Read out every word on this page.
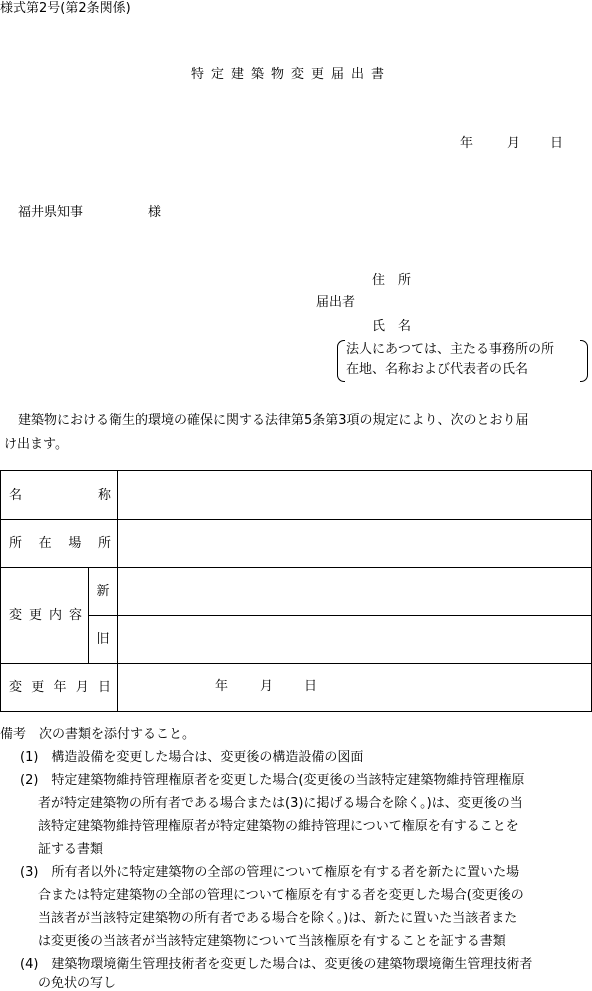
様式第2号(第2条関係)
特定建築物変更届出書
年	月 日
福井県知事	様
住　所
届出者
氏　名
法人にあつては、主たる事務所の所
在地、名称および代表者の氏名
建築物における衛生的環境の確保に関する法律第5条第3項の規定により、次のとおり届
け出ます。
名 称		

所 在 場 所		

変 更 内 容	新	
	旧	

変 更 年 月 日		年 月 日
備考　次の書類を添付すること。
(1)　構造設備を変更した場合は、変更後の構造設備の図面
(2)　特定建築物維持管理権原者を変更した場合(変更後の当該特定建築物維持管理権原
者が特定建築物の所有者である場合または(3)に掲げる場合を除く。)は、変更後の当
該特定建築物維持管理権原者が特定建築物の維持管理について権原を有することを
証する書類
(3)　所有者以外に特定建築物の全部の管理について権原を有する者を新たに置いた場
合または特定建築物の全部の管理について権原を有する者を変更した場合(変更後の
当該者が当該特定建築物の所有者である場合を除く。)は、新たに置いた当該者また
は変更後の当該者が当該特定建築物について当該権原を有することを証する書類
(4)　建築物環境衛生管理技術者を変更した場合は、変更後の建築物環境衛生管理技術者
の免状の写し
